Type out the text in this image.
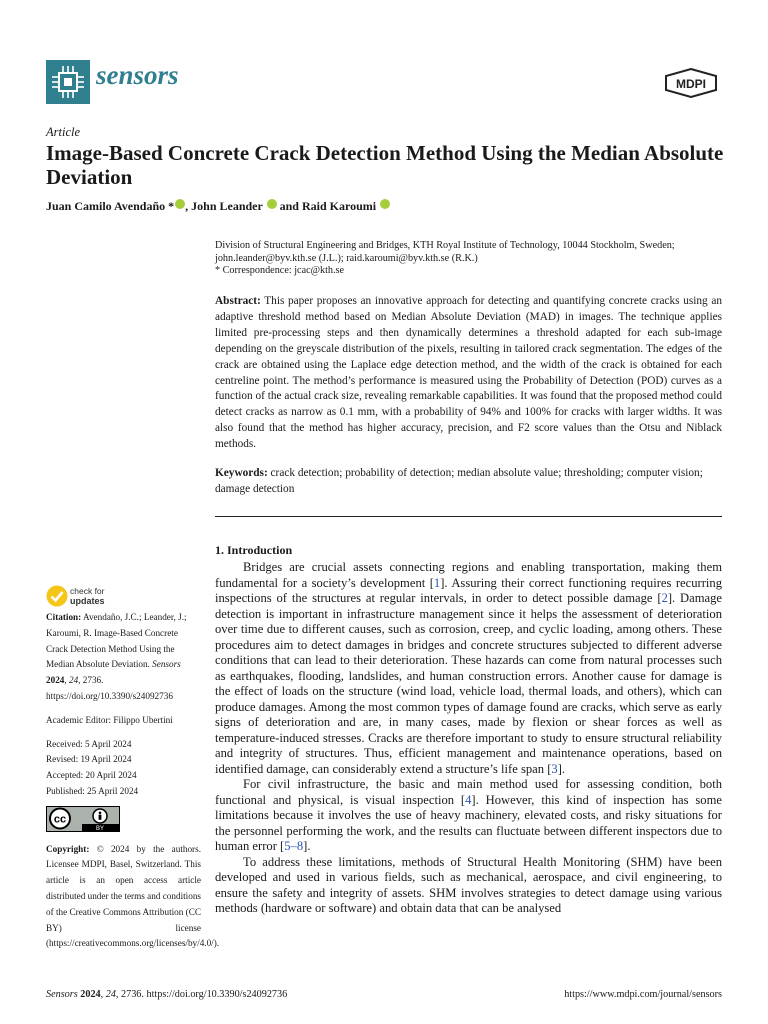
sensors	MDPI
Article
Image-Based Concrete Crack Detection Method Using the Median Absolute Deviation
Juan Camilo Avendaño * , John Leander  and Raid Karoumi
Division of Structural Engineering and Bridges, KTH Royal Institute of Technology, 10044 Stockholm, Sweden;
john.leander@byv.kth.se (J.L.); raid.karoumi@byv.kth.se (R.K.)
* Correspondence: jcac@kth.se

Abstract: This paper proposes an innovative approach for detecting and quantifying concrete cracks using an adaptive threshold method based on Median Absolute Deviation (MAD) in images. The technique applies limited pre-processing steps and then dynamically determines a threshold adapted for each sub-image depending on the greyscale distribution of the pixels, resulting in tailored crack segmentation. The edges of the crack are obtained using the Laplace edge detection method, and the width of the crack is obtained for each centreline point. The method’s performance is measured using the Probability of Detection (POD) curves as a function of the actual crack size, revealing remarkable capabilities. It was found that the proposed method could detect cracks as narrow as 0.1 mm, with a probability of 94% and 100% for cracks with larger widths. It was also found that the method has higher accuracy, precision, and F2 score values than the Otsu and Niblack methods.

Keywords: crack detection; probability of detection; median absolute value; thresholding; computer vision; damage detection

1. Introduction

Bridges are crucial assets connecting regions and enabling transportation, making them fundamental for a society’s development [1]. Assuring their correct functioning requires recurring inspections of the structures at regular intervals, in order to detect possible damage [2]. Damage detection is important in infrastructure management since it helps the assessment of deterioration over time due to different causes, such as corrosion, creep, and cyclic loading, among others. These procedures aim to detect damages in bridges and concrete structures subjected to different adverse conditions that can lead to their deterioration. These hazards can come from natural processes such as earthquakes, flooding, landslides, and human construction errors. Another cause for damage is the effect of loads on the structure (wind load, vehicle load, thermal loads, and others), which can produce damages. Among the most common types of damage found are cracks, which serve as early signs of deterioration and are, in many cases, made by flexion or shear forces as well as temperature-induced stresses. Cracks are therefore important to study to ensure structural reliability and integrity of structures. Thus, efficient management and maintenance operations, based on identified damage, can considerably extend a structure’s life span [3].

For civil infrastructure, the basic and main method used for assessing condition, both functional and physical, is visual inspection [4]. However, this kind of inspection has some limitations because it involves the use of heavy machinery, elevated costs, and risky situations for the personnel performing the work, and the results can fluctuate between different inspectors due to human error [5–8].

To address these limitations, methods of Structural Health Monitoring (SHM) have been developed and used in various fields, such as mechanical, aerospace, and civil engineering, to ensure the safety and integrity of assets. SHM involves strategies to detect damage using various methods (hardware or software) and obtain data that can be analysed

check for
updates

Citation: Avendaño, J.C.; Leander, J.; Karoumi, R. Image-Based Concrete Crack Detection Method Using the Median Absolute Deviation. Sensors 2024, 24, 2736. https://doi.org/10.3390/s24092736

Academic Editor: Filippo Ubertini

Received: 5 April 2024

Revised: 19 April 2024

Accepted: 20 April 2024

Published: 25 April 2024

cc
BY

Copyright: © 2024 by the authors. Licensee MDPI, Basel, Switzerland. This article is an open access article distributed under the terms and conditions of the Creative Commons Attribution (CC BY) license (https://creativecommons.org/licenses/by/4.0/).

Sensors 2024, 24, 2736. https://doi.org/10.3390/s24092736	https://www.mdpi.com/journal/sensors
